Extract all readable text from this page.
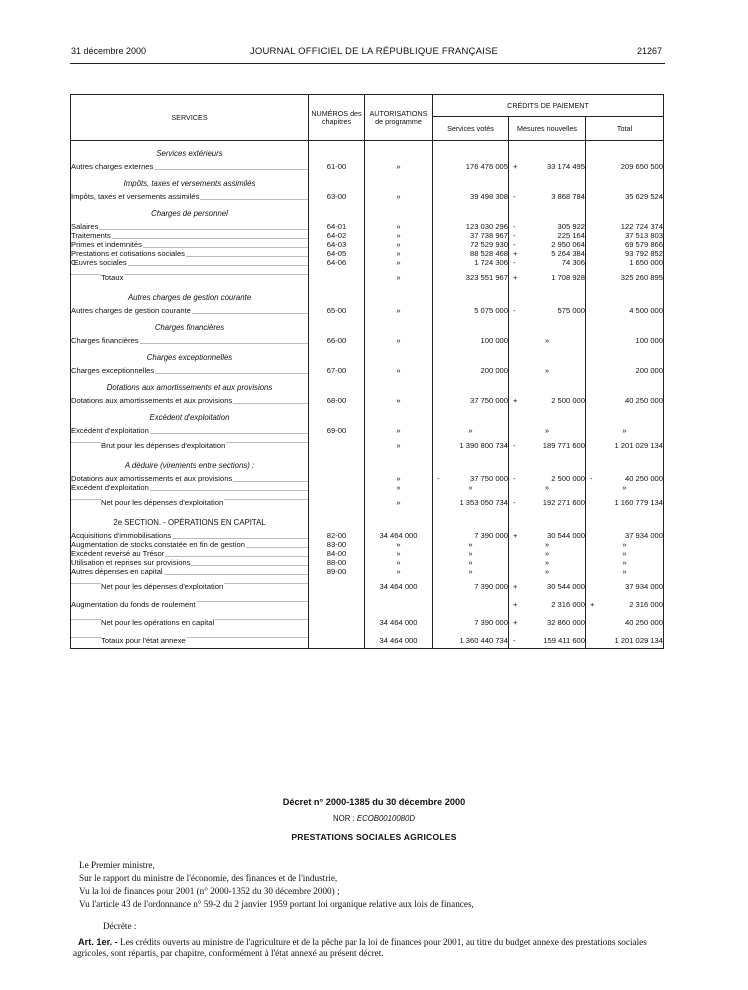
31 décembre 2000	JOURNAL OFFICIEL DE LA RÉPUBLIQUE FRANÇAISE	21267
SERVICES	NUMÉROS des chapitres	AUTORISATIONS de programme	CRÉDITS DE PAIEMENT		
			Services votés	Mesures nouvelles	Total
Services extérieurs					
Autres charges externes	61-00	»	176 476 005	+ 33 174 495	209 650 500
Impôts, taxes et versements assimilés					
Impôts, taxes et versements assimilés	63-00	»	39 498 308	- 3 868 784	35 629 524
Charges de personnel					
Salaires	64-01	»	123 030 296	- 305 922	122 724 374
Traitements	64-02	»	37 738 967	- 225 164	37 513 803
Primes et indemnités	64-03	»	72 529 930	- 2 950 064	69 579 866
Prestations et cotisations sociales	64-05	»	88 528 468	+ 5 264 384	93 792 852
Œuvres sociales	64-06	»	1 724 306	- 74 306	1 650 000
Totaux		»	323 551 967	+ 1 708 928	325 260 895
Autres charges de gestion courante					
Autres charges de gestion courante	65-00	»	5 075 000	- 575 000	4 500 000
Charges financières					
Charges financières	66-00	»	100 000	»	100 000
Charges exceptionnelles					
Charges exceptionnelles	67-00	»	200 000	»	200 000
Dotations aux amortissements et aux provisions					
Dotations aux amortissements et aux provisions	68-00	»	37 750 000	+ 2 500 000	40 250 000
Excédent d'exploitation					
Excédent d'exploitation	69-00	»	»	»	»
Brut pour les dépenses d'exploitation		»	1 390 800 734	- 189 771 600	1 201 029 134
A déduire (virements entre sections) :					
Dotations aux amortissements et aux provisions		»	- 37 750 000	- 2 500 000	- 40 250 000
Excédent d'exploitation		»	»	»	»
Net pour les dépenses d'exploitation		»	1 353 050 734	- 192 271 600	1 160 779 134
2e SECTION. - OPÉRATIONS EN CAPITAL					
Acquisitions d'immobilisations	82-00	34 464 000	7 390 000	+ 30 544 000	37 934 000
Augmentation de stocks constatée en fin de gestion	83-00	»	»	»	»
Excédent reversé au Trésor	84-00	»	»	»	»
Utilisation et reprises sur provisions	88-00	»	»	»	»
Autres dépenses en capital	89-00	»	»	»	»
Net pour les dépenses d'exploitation		34 464 000	7 390 000	+ 30 544 000	37 934 000
Augmentation du fonds de roulement				+ 2 316 000	+ 2 316 000
Net pour les opérations en capital		34 464 000	7 390 000	+ 32 860 000	40 250 000
Totaux pour l'état annexe		34 464 000	1 360 440 734	- 159 411 600	1 201 029 134
Décret n° 2000-1385 du 30 décembre 2000
NOR : ECOB0010080D
PRESTATIONS SOCIALES AGRICOLES
Le Premier ministre,
Sur le rapport du ministre de l'économie, des finances et de l'industrie,
Vu la loi de finances pour 2001 (n° 2000-1352 du 30 décembre 2000) ;
Vu l'article 43 de l'ordonnance n° 59-2 du 2 janvier 1959 portant loi organique relative aux lois de finances,
Décrète :
Art. 1er. - Les crédits ouverts au ministre de l'agriculture et de la pêche par la loi de finances pour 2001, au titre du budget annexe des prestations sociales agricoles, sont répartis, par chapitre, conformément à l'état annexé au présent décret.
